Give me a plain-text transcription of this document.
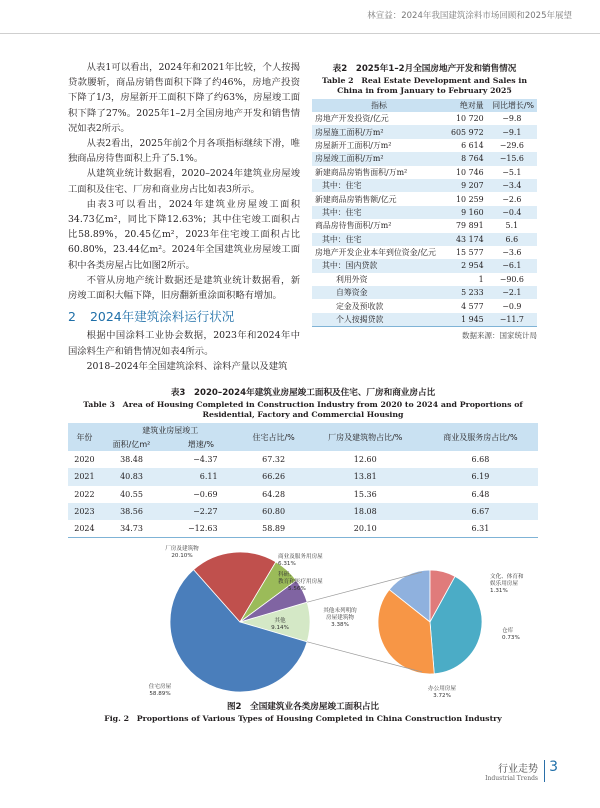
林宣益：2024年我国建筑涂料市场回顾和2025年展望

从表1可以看出，2024年和2021年比较，个人按揭贷款腰斩，商品房销售面积下降了约46%，房地产投资下降了1/3，房屋新开工面积下降了约63%，房屋竣工面积下降了27%。2025年1–2月全国房地产开发和销售情况如表2所示。

从表2看出，2025年前2个月各项指标继续下滑，唯独商品房待售面积上升了5.1%。

从建筑业统计数据看，2020–2024年建筑业房屋竣工面积及住宅、厂房和商业房占比如表3所示。

由表3可以看出，2024年建筑业房屋竣工面积34.73亿m²，同比下降12.63%；其中住宅竣工面积占比58.89%，20.45亿m²，2023年住宅竣工面积占比60.80%，23.44亿m²。2024年全国建筑业房屋竣工面积中各类房屋占比如图2所示。

不管从房地产统计数据还是建筑业统计数据看，新房竣工面积大幅下降，旧房翻新重涂面积略有增加。

2 2024年建筑涂料运行状况

根据中国涂料工业协会数据，2023年和2024年中国涂料生产和销售情况如表4所示。

2018–2024年全国建筑涂料、涂料产量以及建筑

表2　2025年1–2月全国房地产开发和销售情况
Table 2　Real Estate Development and Sales in China in from January to February 2025
指标	绝对量	同比增长/%
房地产开发投资/亿元	10 720	−9.8
房屋施工面积/万m²	605 972	−9.1
房屋新开工面积/万m²	6 614	−29.6
房屋竣工面积/万m²	8 764	−15.6
新建商品房销售面积/万m²	10 746	−5.1
其中：住宅	9 207	−3.4
新建商品房销售额/亿元	10 259	−2.6
其中：住宅	9 160	−0.4
商品房待售面积/万m²	79 891	5.1
其中：住宅	43 174	6.6
房地产开发企业本年到位资金/亿元	15 577	−3.6
其中：国内贷款	2 954	−6.1
利用外资	1	−90.6
自筹资金	5 233	−2.1
定金及预收款	4 577	−0.9
个人按揭贷款	1 945	−11.7
数据来源：国家统计局
表3　2020–2024年建筑业房屋竣工面积及住宅、厂房和商业房占比
Table 3　Area of Housing Completed in Construction Industry from 2020 to 2024 and Proportions of Residential, Factory and Commercial Housing
年份	建筑业房屋竣工		住宅占比/%	厂房及建筑物占比/%	商业及服务房占比/%
	面积/亿m²	增速/%			
2020	38.48	−4.37	67.32	12.60	6.68
2021	40.83	6.11	66.26	13.81	6.19
2022	40.55	−0.69	64.28	15.36	6.48
2023	38.56	−2.27	60.80	18.08	6.67
2024	34.73	−12.63	58.89	20.10	6.31
住宅房屋
58.89%
厂房及建筑物
20.10%	商业及服务用房屋
6.31%
科研、
教育和医疗用房屋
5.56%
其他
9.14%
文化、体育和
娱乐用房屋
1.31%
仓库
0.73%
办公用房屋
3.72%
其他未列明的
房屋建筑物
3.38%
图2　全国建筑业各类房屋竣工面积占比
Fig. 2　Proportions of Various Types of Housing Completed in China Construction Industry
行业走势
Industrial Trends
3
